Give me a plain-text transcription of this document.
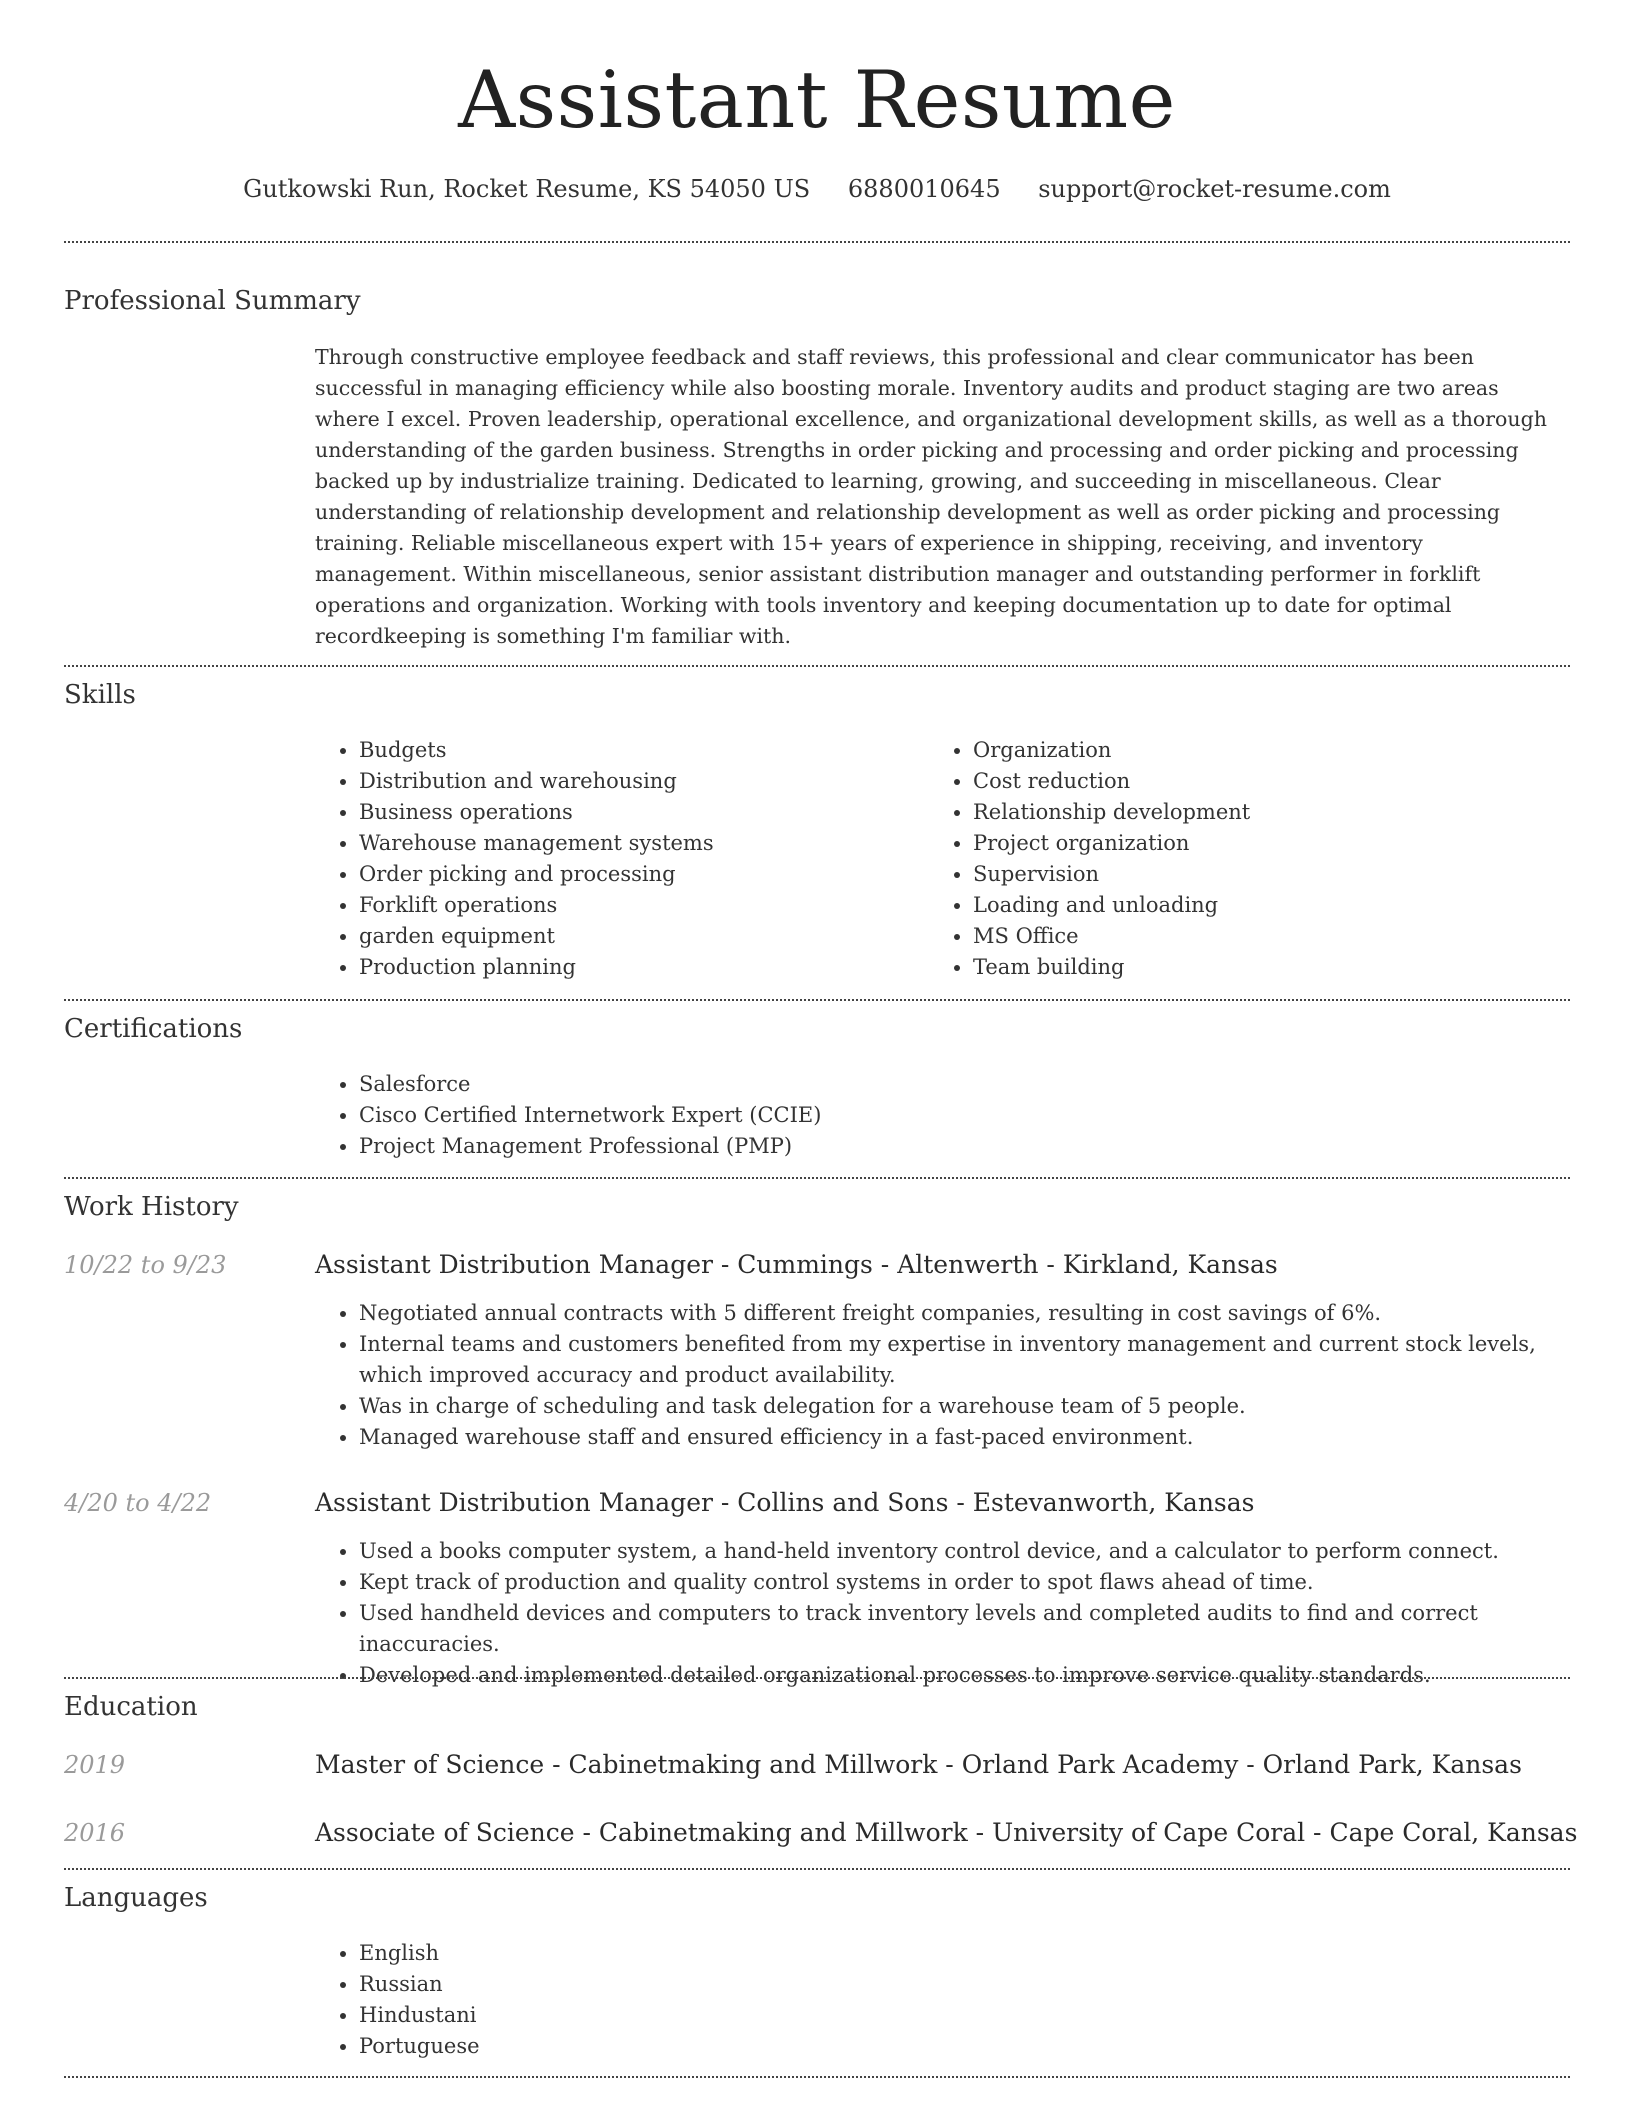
Assistant Resume
Gutkowski Run, Rocket Resume, KS 54050 US 6880010645 support@rocket-resume.com
Professional Summary
Through constructive employee feedback and staff reviews, this professional and clear communicator has been successful in managing efficiency while also boosting morale. Inventory audits and product staging are two areas where I excel. Proven leadership, operational excellence, and organizational development skills, as well as a thorough understanding of the garden business. Strengths in order picking and processing and order picking and processing backed up by industrialize training. Dedicated to learning, growing, and succeeding in miscellaneous. Clear understanding of relationship development and relationship development as well as order picking and processing training. Reliable miscellaneous expert with 15+ years of experience in shipping, receiving, and inventory management. Within miscellaneous, senior assistant distribution manager and outstanding performer in forklift operations and organization. Working with tools inventory and keeping documentation up to date for optimal recordkeeping is something I'm familiar with.
Skills
• Budgets
• Distribution and warehousing
• Business operations
• Warehouse management systems
• Order picking and processing
• Forklift operations
• garden equipment
• Production planning
• Organization
• Cost reduction
• Relationship development
• Project organization
• Supervision
• Loading and unloading
• MS Office
• Team building
Certifications
• Salesforce
• Cisco Certified Internetwork Expert (CCIE)
• Project Management Professional (PMP)
Work History
10/22 to 9/23	Assistant Distribution Manager - Cummings - Altenwerth - Kirkland, Kansas
• Negotiated annual contracts with 5 different freight companies, resulting in cost savings of 6%.
• Internal teams and customers benefited from my expertise in inventory management and current stock levels, which improved accuracy and product availability.
• Was in charge of scheduling and task delegation for a warehouse team of 5 people.
• Managed warehouse staff and ensured efficiency in a fast-paced environment.
4/20 to 4/22	Assistant Distribution Manager - Collins and Sons - Estevanworth, Kansas
• Used a books computer system, a hand-held inventory control device, and a calculator to perform connect.
• Kept track of production and quality control systems in order to spot flaws ahead of time.
• Used handheld devices and computers to track inventory levels and completed audits to find and correct inaccuracies.
• Developed and implemented detailed organizational processes to improve service quality standards.
Education
2019	Master of Science - Cabinetmaking and Millwork - Orland Park Academy - Orland Park, Kansas
2016	Associate of Science - Cabinetmaking and Millwork - University of Cape Coral - Cape Coral, Kansas
Languages
• English
• Russian
• Hindustani
• Portuguese
